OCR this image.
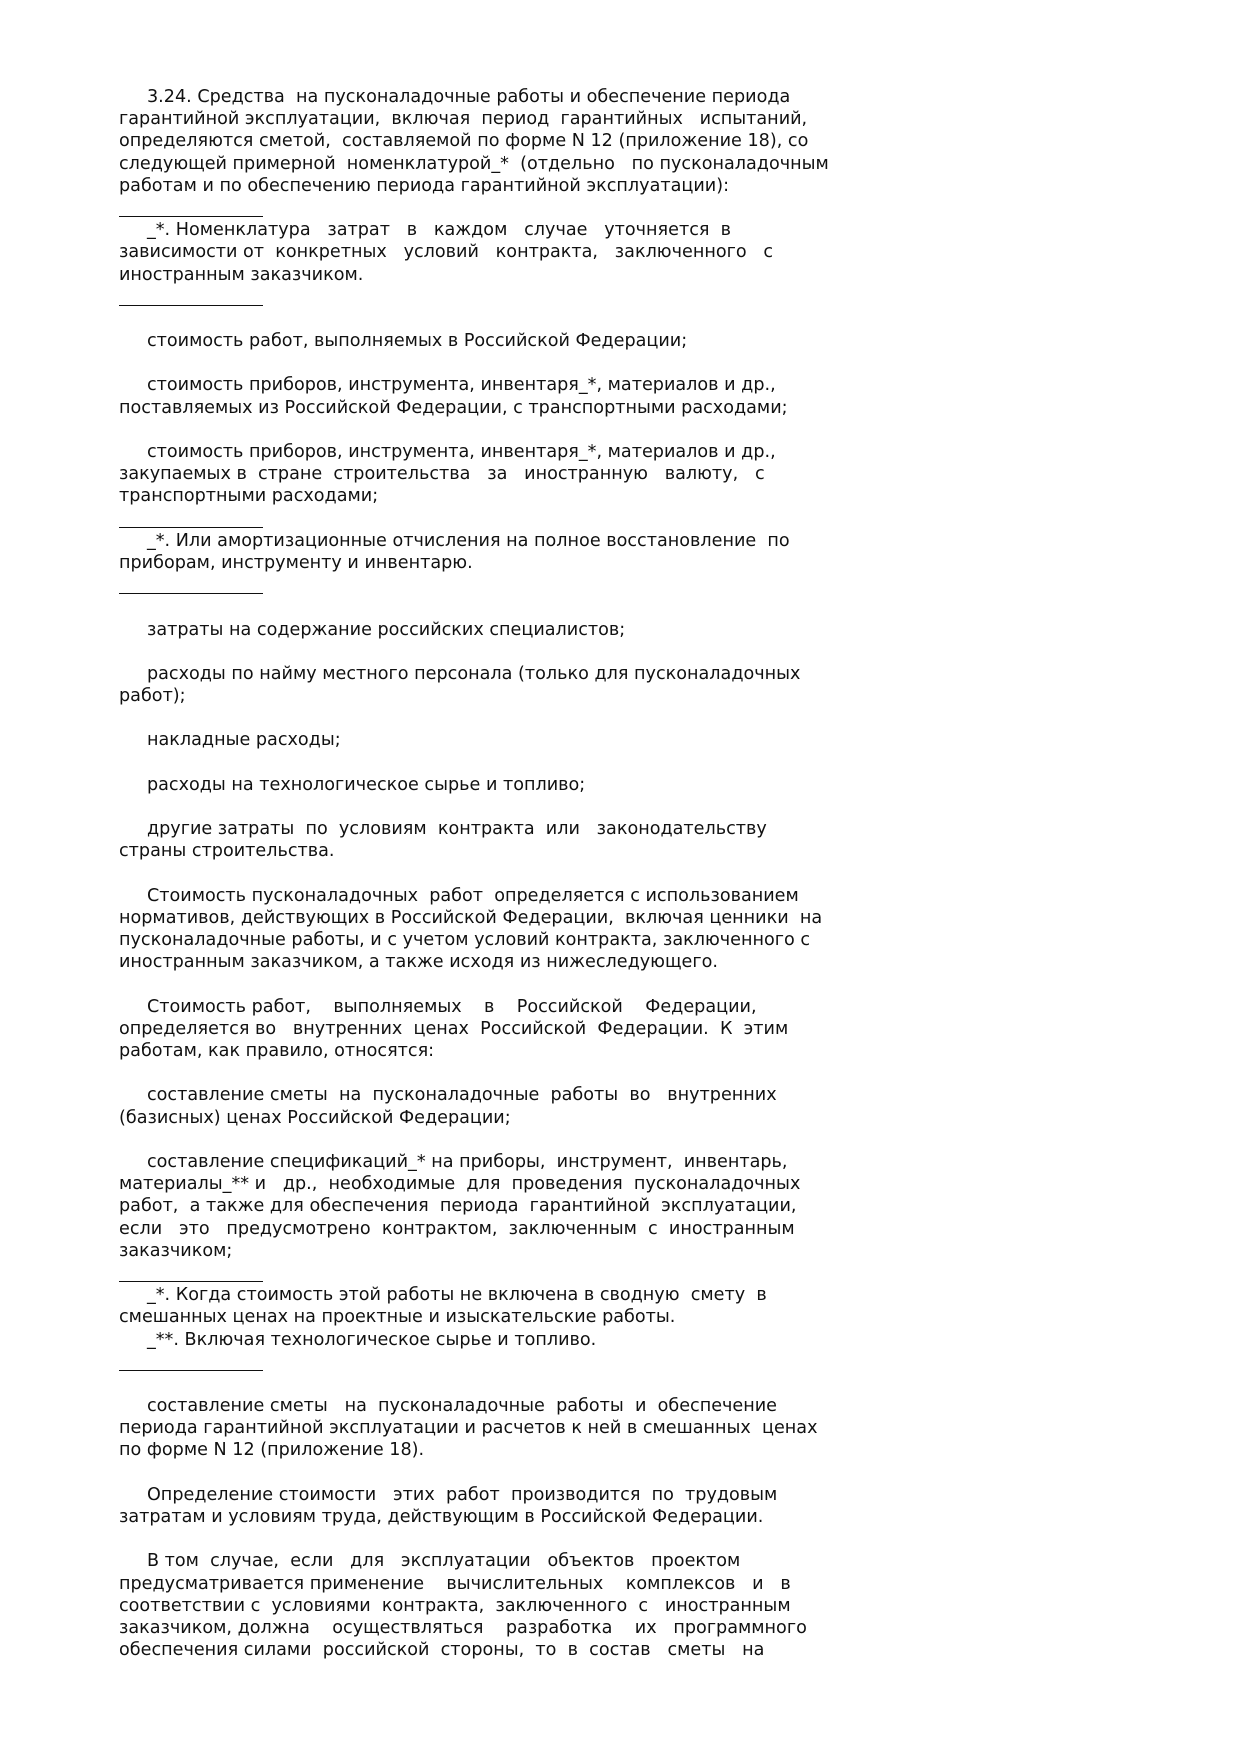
3.24. Средства  на пусконаладочные работы и обеспечение периода
гарантийной эксплуатации,  включая  период  гарантийных   испытаний,
определяются сметой,  составляемой по форме N 12 (приложение 18), со
следующей примерной  номенклатурой_*  (отдельно   по пусконаладочным
работам и по обеспечению периода гарантийной эксплуатации):
_*. Номенклатура   затрат   в   каждом   случае   уточняется  в
зависимости от  конкретных   условий   контракта,   заключенного   с
иностранным заказчиком.
стоимость работ, выполняемых в Российской Федерации;
стоимость приборов, инструмента, инвентаря_*, материалов и др.,
поставляемых из Российской Федерации, с транспортными расходами;
стоимость приборов, инструмента, инвентаря_*, материалов и др.,
закупаемых в  стране  строительства   за   иностранную   валюту,   с
транспортными расходами;
_*. Или амортизационные отчисления на полное восстановление  по
приборам, инструменту и инвентарю.
затраты на содержание российских специалистов;
расходы по найму местного персонала (только для пусконаладочных
работ);
накладные расходы;
расходы на технологическое сырье и топливо;
другие затраты  по  условиям  контракта  или   законодательству
страны строительства.
Стоимость пусконаладочных  работ  определяется с использованием
нормативов, действующих в Российской Федерации,  включая ценники  на
пусконаладочные работы, и с учетом условий контракта, заключенного с
иностранным заказчиком, а также исходя из нижеследующего.
Стоимость работ,    выполняемых    в    Российской    Федерации,
определяется во   внутренних  ценах  Российской  Федерации.  К  этим
работам, как правило, относятся:
составление сметы  на  пусконаладочные  работы  во   внутренних
(базисных) ценах Российской Федерации;
составление спецификаций_* на приборы,  инструмент,  инвентарь,
материалы_** и   др.,  необходимые  для  проведения  пусконаладочных
работ,  а также для обеспечения  периода  гарантийной  эксплуатации,
если   это   предусмотрено  контрактом,  заключенным  с  иностранным
заказчиком;
_*. Когда стоимость этой работы не включена в сводную  смету  в
смешанных ценах на проектные и изыскательские работы.
_**. Включая технологическое сырье и топливо.
составление сметы   на  пусконаладочные  работы  и  обеспечение
периода гарантийной эксплуатации и расчетов к ней в смешанных  ценах
по форме N 12 (приложение 18).
Определение стоимости   этих  работ  производится  по  трудовым
затратам и условиям труда, действующим в Российской Федерации.
В том  случае,  если   для   эксплуатации   объектов   проектом
предусматривается применение    вычислительных    комплексов   и   в
соответствии с  условиями  контракта,  заключенного  с   иностранным
заказчиком, должна    осуществляться    разработка    их   программного
обеспечения силами  российской  стороны,  то  в  состав   сметы   на
